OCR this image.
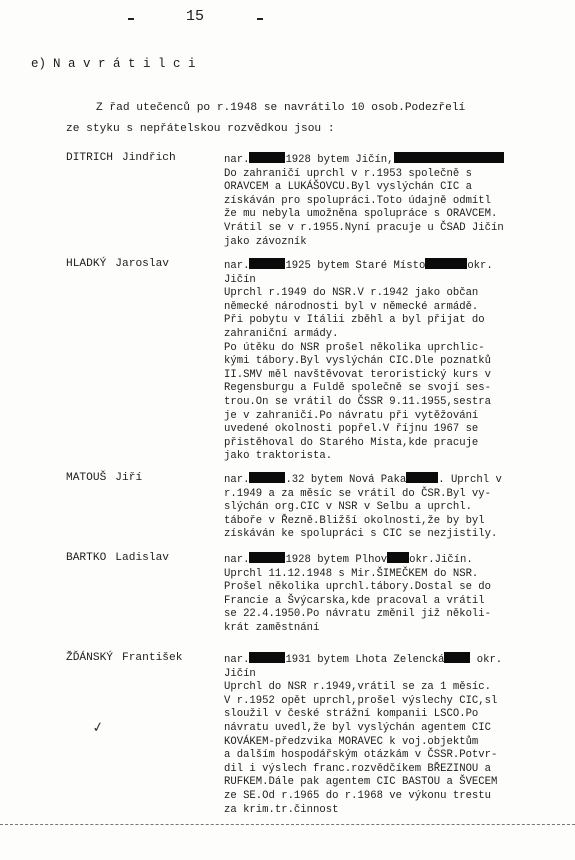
15
e) Navrátilci
Z řad utečenců po r.1948 se navrátilo 10 osob.Podezřelí
ze styku s nepřátelskou rozvědkou jsou :
DITRICH Jindřich	nar.	1928 bytem Jičín,
Do zahraničí uprchl v r.1953 společně s
ORAVCEM a LUKÁŠOVCU.Byl vyslýchán CIC a
získáván pro spolupráci.Toto údajně odmítl
že mu nebyla umožněna spolupráce s ORAVCEM.
Vrátil se v r.1955.Nyní pracuje u ČSAD Jičín
jako závozník
HLADKÝ Jaroslav	nar.	1925 bytem Staré Místo	okr.
Jičín
Uprchl r.1949 do NSR.V r.1942 jako občan
německé národnosti byl v německé armádě.
Při pobytu v Itálii zběhl a byl přijat do
zahraniční armády.
Po útěku do NSR prošel několika uprchlic-
kými tábory.Byl vyslýchán CIC.Dle poznatků
II.SMV měl navštěvovat teroristický kurs v
Regensburgu a Fuldě společně se svojí ses-
trou.On se vrátil do ČSSR 9.11.1955,sestra
je v zahraničí.Po návratu při vytěžování
uvedené okolnosti popřel.V říjnu 1967 se
přistěhoval do Starého Místa,kde pracuje
jako traktorista.
MATOUŠ Jiří	nar.	.32 bytem Nová Paka	. Uprchl v
r.1949 a za měsíc se vrátil do ČSR.Byl vy-
slýchán org.CIC v NSR v Selbu a uprchl.
táboře v Řezně.Bližší okolnosti,že by byl
získáván ke spolupráci s CIC se nezjistily.
BARTKO Ladislav	nar.	1928 bytem Plhov okr.Jičín.
Uprchl 11.12.1948 s Mir.ŠIMEČKEM do NSR.
Prošel několika uprchl.tábory.Dostal se do
Francie a Švýcarska,kde pracoval a vrátil
se 22.4.1950.Po návratu změnil již několi-
krát zaměstnání
ŽĎÁNSKÝ František	nar.	1931 bytem Lhota Zelencká okr.
Jičín
Uprchl do NSR r.1949,vrátil se za 1 měsíc.
V r.1952 opět uprchl,prošel výslechy CIC,sl
sloužil v české strážní kompanii LSCO.Po
návratu uvedl,že byl vyslýchán agentem CIC
KOVÁKEM-předzvika MORAVEC k voj.objektům
a dalším hospodářským otázkám v ČSSR.Potvr-
dil i výslech franc.rozvědčíkem BŘEZINOU a
RUFKEM.Dále pak agentem CIC BASTOU a ŠVECEM
ze SE.Od r.1965 do r.1968 ve výkonu trestu
za krim.tr.činnost
✓
